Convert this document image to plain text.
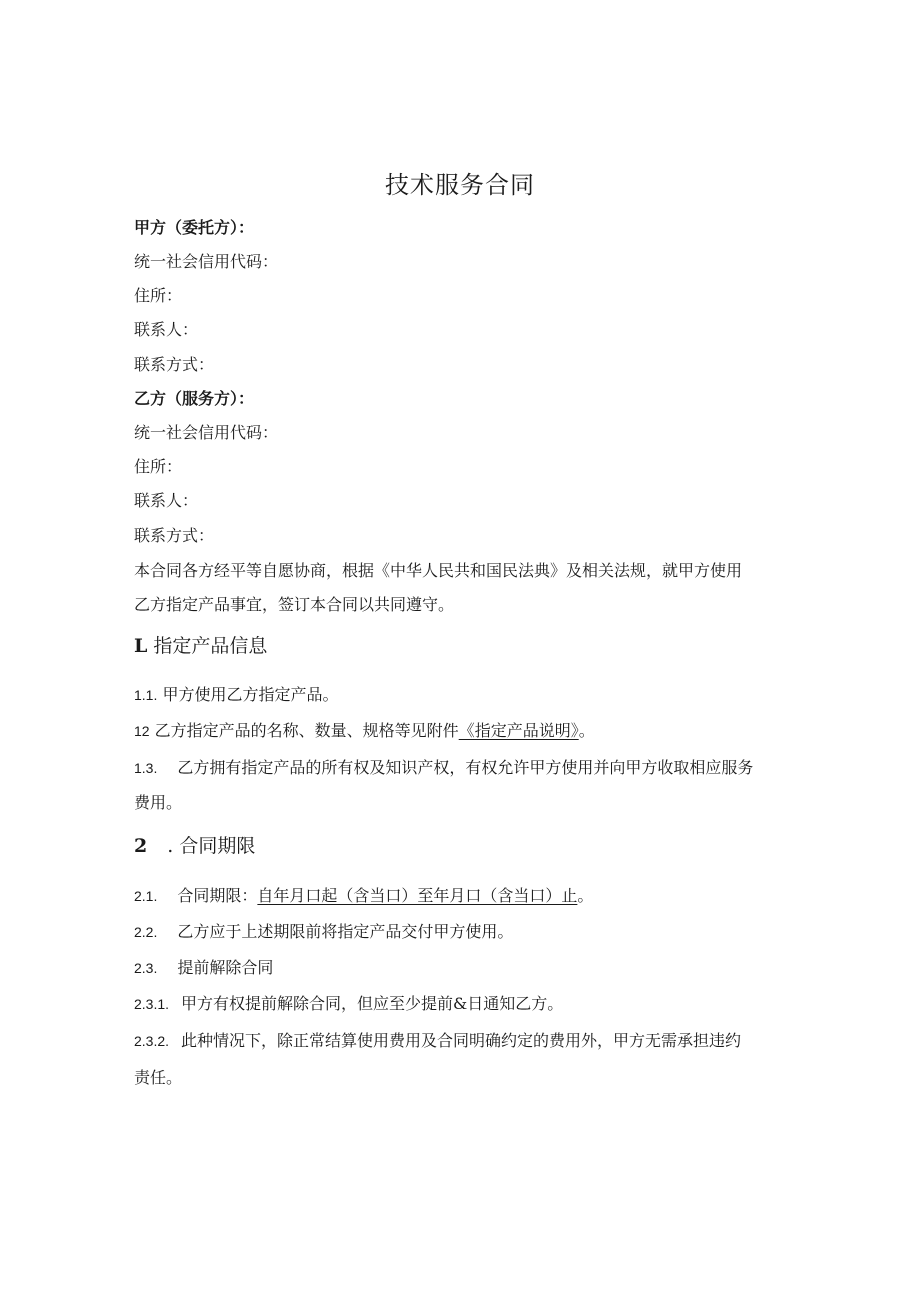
技术服务合同
甲方（委托方）：
统一社会信用代码：
住所：
联系人：
联系方式：
乙方（服务方）：
统一社会信用代码：
住所：
联系人：
联系方式：
本合同各方经平等自愿协商，根据《中华人民共和国民法典》及相关法规，就甲方使用
乙方指定产品事宜，签订本合同以共同遵守。
L 指定产品信息
1.1. 甲方使用乙方指定产品。
12 乙方指定产品的名称、数量、规格等见附件《指定产品说明》。
1.3. 乙方拥有指定产品的所有权及知识产权，有权允许甲方使用并向甲方收取相应服务
费用。
2 . 合同期限
2.1. 合同期限：自年月口起（含当口）至年月口（含当口）止。
2.2. 乙方应于上述期限前将指定产品交付甲方使用。
2.3. 提前解除合同
2.3.1. 甲方有权提前解除合同，但应至少提前&日通知乙方。
2.3.2. 此种情况下，除正常结算使用费用及合同明确约定的费用外，甲方无需承担违约
责任。
